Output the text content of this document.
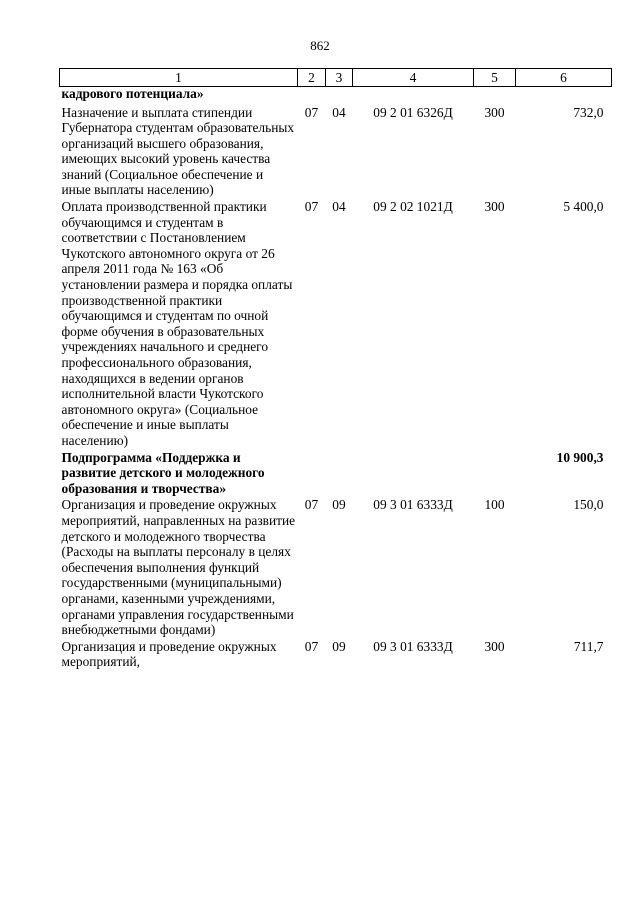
862
1	2	3	4	5	6
кадрового потенциала»					
Назначение и выплата стипендии Губернатора студентам образовательных организаций высшего образования, имеющих высокий уровень качества знаний (Социальное обеспечение и иные выплаты населению)	07	04	09 2 01 6326Д	300	732,0
Оплата производственной практики обучающимся и студентам в соответствии с Постановлением Чукотского автономного округа от 26 апреля 2011 года № 163 «Об установлении размера и порядка оплаты производственной практики обучающимся и студентам по очной форме обучения в образовательных учреждениях начального и среднего профессионального образования, находящихся в ведении органов исполнительной власти Чукотского автономного округа» (Социальное обеспечение и иные выплаты населению)	07	04	09 2 02 1021Д	300	5 400,0
Подпрограмма «Поддержка и развитие детского и молодежного образования и творчества»					10 900,3
Организация и проведение окружных мероприятий, направленных на развитие детского и молодежного творчества (Расходы на выплаты персоналу в целях обеспечения выполнения функций государственными (муниципальными) органами, казенными учреждениями, органами управления государственными внебюджетными фондами)	07	09	09 3 01 6333Д	100	150,0
Организация и проведение окружных мероприятий,	07	09	09 3 01 6333Д	300	711,7
